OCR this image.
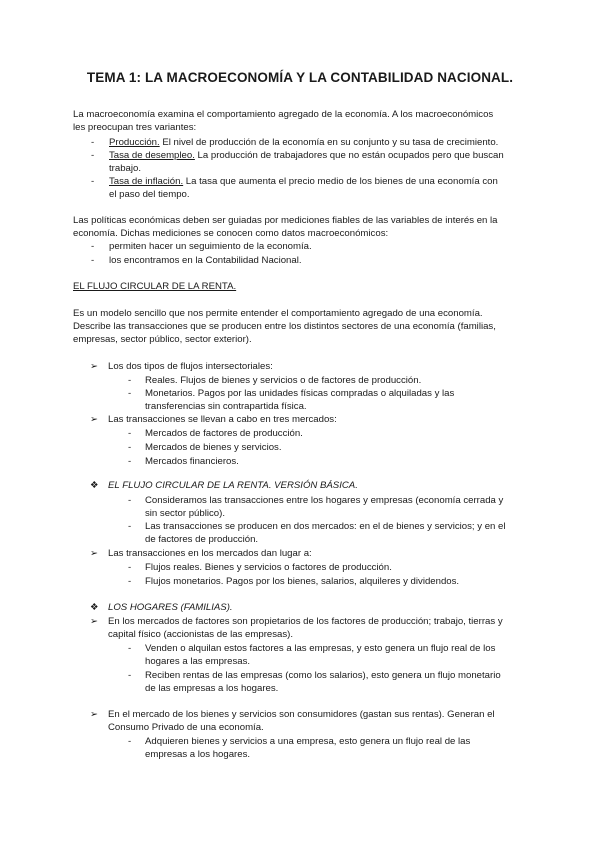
TEMA 1: LA MACROECONOMÍA Y LA CONTABILIDAD NACIONAL.
La macroeconomía examina el comportamiento agregado de la economía. A los macroeconómicos
les preocupan tres variantes:
- Producción. El nivel de producción de la economía en su conjunto y su tasa de crecimiento.
- Tasa de desempleo. La producción de trabajadores que no están ocupados pero que buscan
trabajo.
- Tasa de inflación. La tasa que aumenta el precio medio de los bienes de una economía con
el paso del tiempo.
Las políticas económicas deben ser guiadas por mediciones fiables de las variables de interés en la
economía. Dichas mediciones se conocen como datos macroeconómicos:
- permiten hacer un seguimiento de la economía.
- los encontramos en la Contabilidad Nacional.
EL FLUJO CIRCULAR DE LA RENTA.
Es un modelo sencillo que nos permite entender el comportamiento agregado de una economía.
Describe las transacciones que se producen entre los distintos sectores de una economía (familias,
empresas, sector público, sector exterior).
➢ Los dos tipos de flujos intersectoriales:
- Reales. Flujos de bienes y servicios o de factores de producción.
- Monetarios. Pagos por las unidades físicas compradas o alquiladas y las
transferencias sin contrapartida física.
➢ Las transacciones se llevan a cabo en tres mercados:
- Mercados de factores de producción.
- Mercados de bienes y servicios.
- Mercados financieros.
❖ EL FLUJO CIRCULAR DE LA RENTA. VERSIÓN BÁSICA.
- Consideramos las transacciones entre los hogares y empresas (economía cerrada y
sin sector público).
- Las transacciones se producen en dos mercados: en el de bienes y servicios; y en el
de factores de producción.
➢ Las transacciones en los mercados dan lugar a:
- Flujos reales. Bienes y servicios o factores de producción.
- Flujos monetarios. Pagos por los bienes, salarios, alquileres y dividendos.
❖ LOS HOGARES (FAMILIAS).
➢ En los mercados de factores son propietarios de los factores de producción; trabajo, tierras y
capital físico (accionistas de las empresas).
- Venden o alquilan estos factores a las empresas, y esto genera un flujo real de los
hogares a las empresas.
- Reciben rentas de las empresas (como los salarios), esto genera un flujo monetario
de las empresas a los hogares.
➢ En el mercado de los bienes y servicios son consumidores (gastan sus rentas). Generan el
Consumo Privado de una economía.
- Adquieren bienes y servicios a una empresa, esto genera un flujo real de las
empresas a los hogares.
